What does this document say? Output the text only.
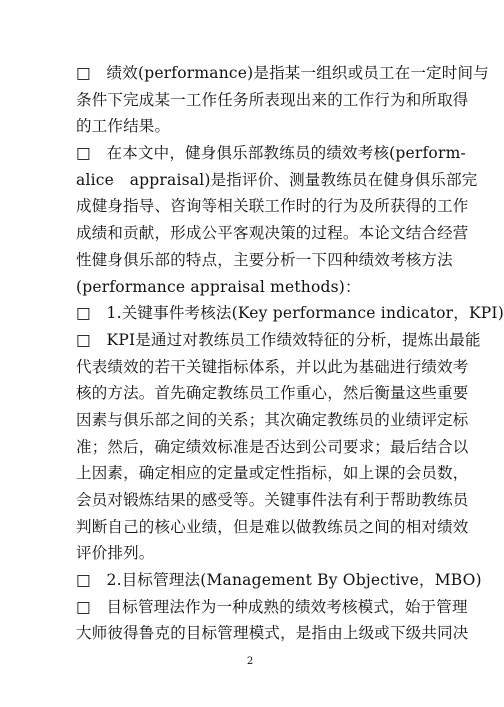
□　绩效(performance)是指某一组织或员工在一定时间与
条件下完成某一工作任务所表现出来的工作行为和所取得
的工作结果。
□　在本文中，健身俱乐部教练员的绩效考核(perform-
alice　appraisal)是指评价、测量教练员在健身俱乐部完
成健身指导、咨询等相关联工作时的行为及所获得的工作
成绩和贡献，形成公平客观决策的过程。本论文结合经营
性健身俱乐部的特点，主要分析一下四种绩效考核方法
(performance appraisal methods)：
□　1.关键事件考核法(Key performance indicator，KPI)
□　KPI是通过对教练员工作绩效特征的分析，提炼出最能
代表绩效的若干关键指标体系，并以此为基础进行绩效考
核的方法。首先确定教练员工作重心，然后衡量这些重要
因素与俱乐部之间的关系；其次确定教练员的业绩评定标
准；然后，确定绩效标准是否达到公司要求；最后结合以
上因素，确定相应的定量或定性指标，如上课的会员数，
会员对锻炼结果的感受等。关键事件法有利于帮助教练员
判断自己的核心业绩，但是难以做教练员之间的相对绩效
评价排列。
□　2.目标管理法(Management By Objective，MBO)
□　目标管理法作为一种成熟的绩效考核模式，始于管理
大师彼得鲁克的目标管理模式，是指由上级或下级共同决
2
